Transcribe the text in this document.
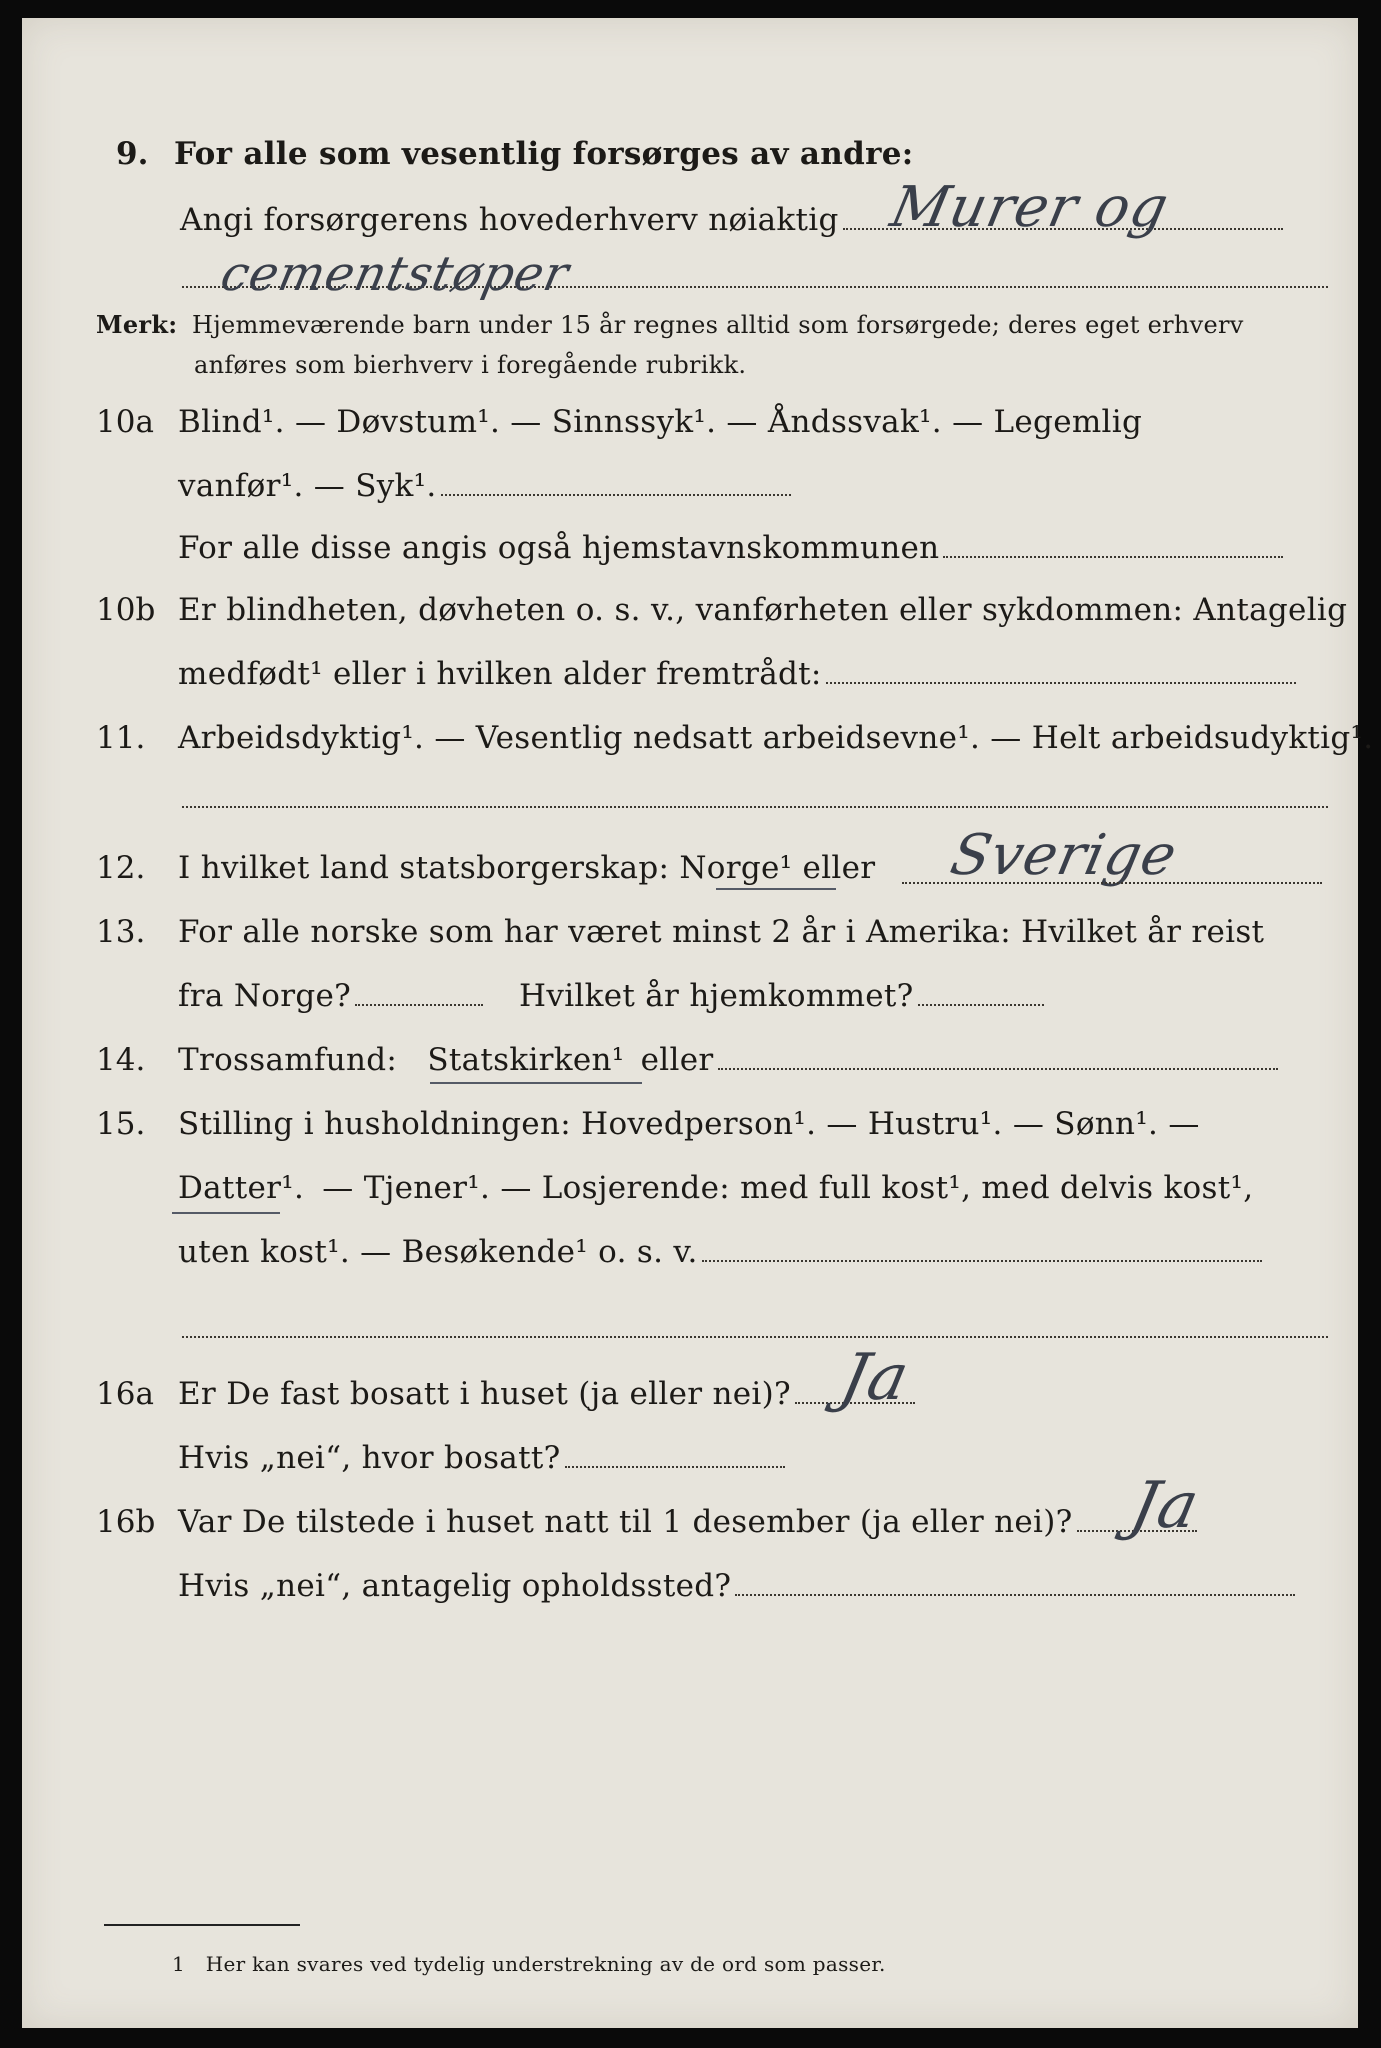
9. For alle som vesentlig forsørges av andre:
Angi forsørgerens hovederhverv nøiaktig Murer og
cementstøper
Merk: Hjemmeværende barn under 15 år regnes alltid som forsørgede; deres eget erhverv
anføres som bierhverv i foregående rubrikk.
10a Blind¹. — Døvstum¹. — Sinnssyk¹. — Åndssvak¹. — Legemlig
vanfør¹. — Syk¹.
For alle disse angis også hjemstavnskommunen
10b Er blindheten, døvheten o. s. v., vanførheten eller sykdommen: Antagelig
medfødt¹ eller i hvilken alder fremtrådt:
11. Arbeidsdyktig¹. — Vesentlig nedsatt arbeidsevne¹. — Helt arbeidsudyktig¹.
12. I hvilket land statsborgerskap: Norge¹ eller Sverige
13. For alle norske som har været minst 2 år i Amerika: Hvilket år reist
fra Norge?	Hvilket år hjemkommet?
14. Trossamfund: Statskirken¹ eller
15. Stilling i husholdningen: Hovedperson¹. — Hustru¹. — Sønn¹. —
Datter¹. — Tjener¹. — Losjerende: med full kost¹, med delvis kost¹,
uten kost¹. — Besøkende¹ o. s. v.
16a Er De fast bosatt i huset (ja eller nei)? Ja
Hvis „nei“, hvor bosatt?
16b Var De tilstede i huset natt til 1 desember (ja eller nei)? Ja
Hvis „nei“, antagelig opholdssted?
1 Her kan svares ved tydelig understrekning av de ord som passer.
